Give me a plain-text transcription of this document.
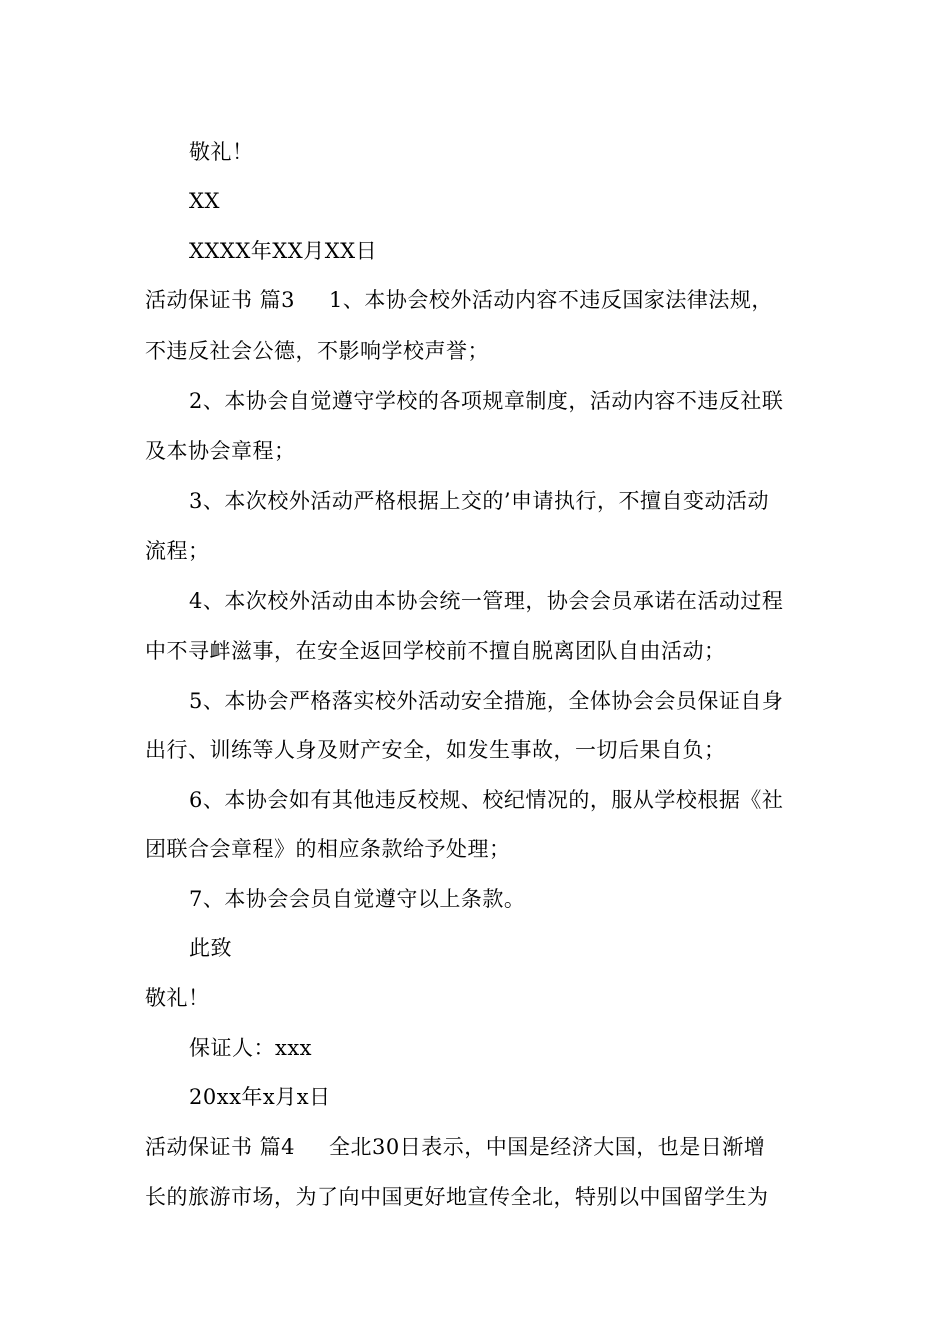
敬礼！
XX
XXXX年XX月XX日
活动保证书 篇3 1、本协会校外活动内容不违反国家法律法规，
不违反社会公德，不影响学校声誉；
2、本协会自觉遵守学校的各项规章制度，活动内容不违反社联
及本协会章程；
3、本次校外活动严格根据上交的’申请执行，不擅自变动活动
流程；
4、本次校外活动由本协会统一管理，协会会员承诺在活动过程
中不寻衅滋事，在安全返回学校前不擅自脱离团队自由活动；
5、本协会严格落实校外活动安全措施，全体协会会员保证自身
出行、训练等人身及财产安全，如发生事故，一切后果自负；
6、本协会如有其他违反校规、校纪情况的，服从学校根据《社
团联合会章程》的相应条款给予处理；
7、本协会会员自觉遵守以上条款。
此致
敬礼！
保证人：xxx
20xx年x月x日
活动保证书 篇4 全北30日表示，中国是经济大国，也是日渐增
长的旅游市场，为了向中国更好地宣传全北，特别以中国留学生为
